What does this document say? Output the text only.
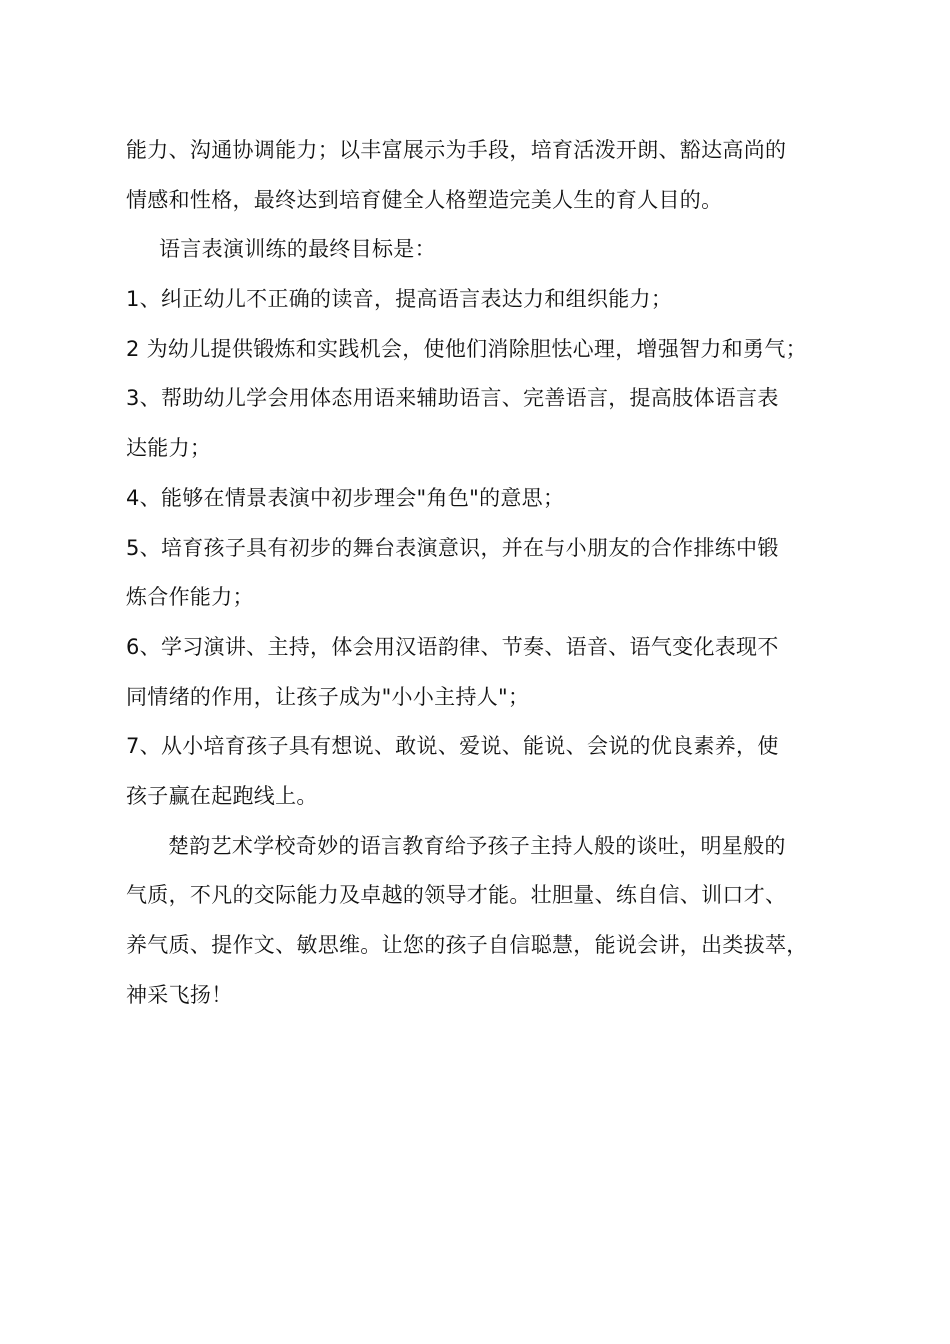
能力、沟通协调能力；以丰富展示为手段，培育活泼开朗、豁达高尚的
情感和性格，最终达到培育健全人格塑造完美人生的育人目的。
语言表演训练的最终目标是：
1、纠正幼儿不正确的读音，提高语言表达力和组织能力；
2 为幼儿提供锻炼和实践机会，使他们消除胆怯心理，增强智力和勇气；
3、帮助幼儿学会用体态用语来辅助语言、完善语言，提高肢体语言表
达能力；
4、能够在情景表演中初步理会"角色"的意思；
5、培育孩子具有初步的舞台表演意识，并在与小朋友的合作排练中锻
炼合作能力；
6、学习演讲、主持，体会用汉语韵律、节奏、语音、语气变化表现不
同情绪的作用，让孩子成为"小小主持人"；
7、从小培育孩子具有想说、敢说、爱说、能说、会说的优良素养，使
孩子赢在起跑线上。
楚韵艺术学校奇妙的语言教育给予孩子主持人般的谈吐，明星般的
气质，不凡的交际能力及卓越的领导才能。壮胆量、练自信、训口才、
养气质、提作文、敏思维。让您的孩子自信聪慧，能说会讲，出类拔萃，
神采飞扬！
